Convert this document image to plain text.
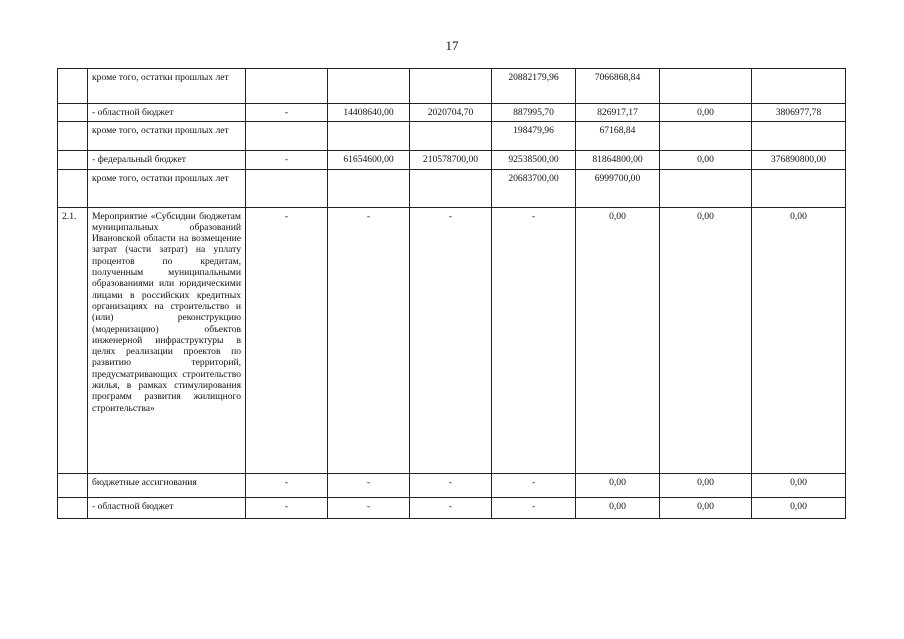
17
	кроме того, остатки прошлых лет				20882179,96	7066868,84		
	- областной бюджет	-	14408640,00	2020704,70	887995,70	826917,17	0,00	3806977,78
	кроме того, остатки прошлых лет				198479,96	67168,84		
	- федеральный бюджет	-	61654600,00	210578700,00	92538500,00	81864800,00	0,00	376890800,00
	кроме того, остатки прошлых лет				20683700,00	6999700,00		
2.1.	Мероприятие «Субсидии бюджетам муниципальных образований Ивановской области на возмещение затрат (части затрат) на уплату процентов по кредитам, полученным муниципальными образованиями или юридическими лицами в российских кредитных организациях на строительство и (или) реконструкцию (модернизацию) объектов инженерной инфраструктуры в целях реализации проектов по развитию территорий, предусматривающих строительство жилья, в рамках стимулирования программ развития жилищного строительства»	-	-	-	-	0,00	0,00	0,00
	бюджетные ассигнования	-	-	-	-	0,00	0,00	0,00
	- областной бюджет	-	-	-	-	0,00	0,00	0,00
